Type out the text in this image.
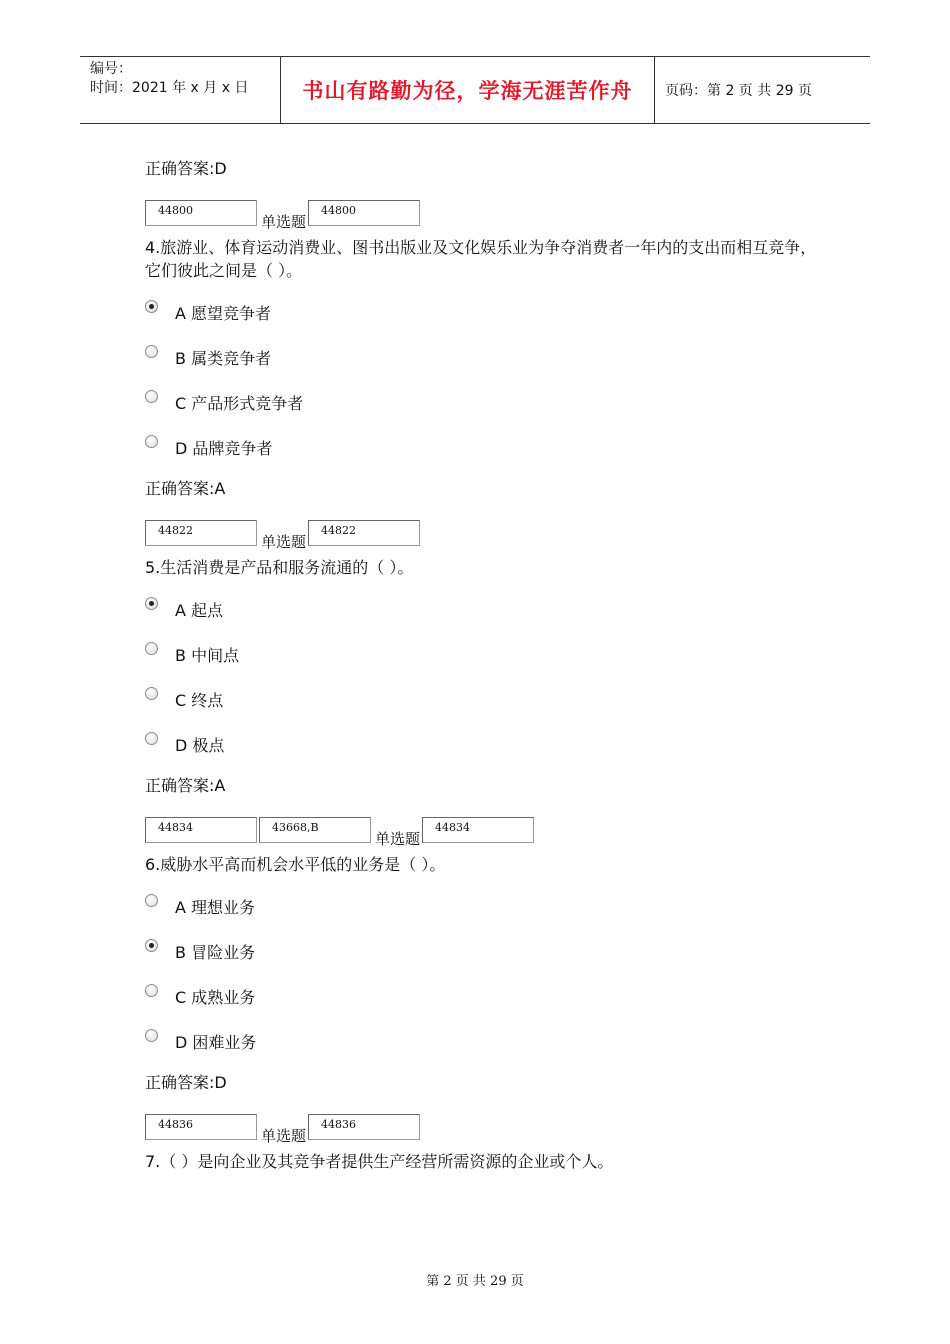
编号：
时间：2021 年 x 月 x 日	书山有路勤为径，学海无涯苦作舟 页码：第 2 页 共 29 页
正确答案:D
44800
单选题
44800
4.旅游业、体育运动消费业、图书出版业及文化娱乐业为争夺消费者一年内的支出而相互竞争，它们彼此之间是（ ）。
A 愿望竞争者
B 属类竞争者
C 产品形式竞争者
D 品牌竞争者
正确答案:A
44822
单选题
44822
5.生活消费是产品和服务流通的（ ）。
A 起点
B 中间点
C 终点
D 极点
正确答案:A
44834	43668,B
单选题
44834
6.威胁水平高而机会水平低的业务是（ ）。
A 理想业务
B 冒险业务
C 成熟业务
D 困难业务
正确答案:D
44836
单选题
44836
7.（ ）是向企业及其竞争者提供生产经营所需资源的企业或个人。
第 2 页 共 29 页
